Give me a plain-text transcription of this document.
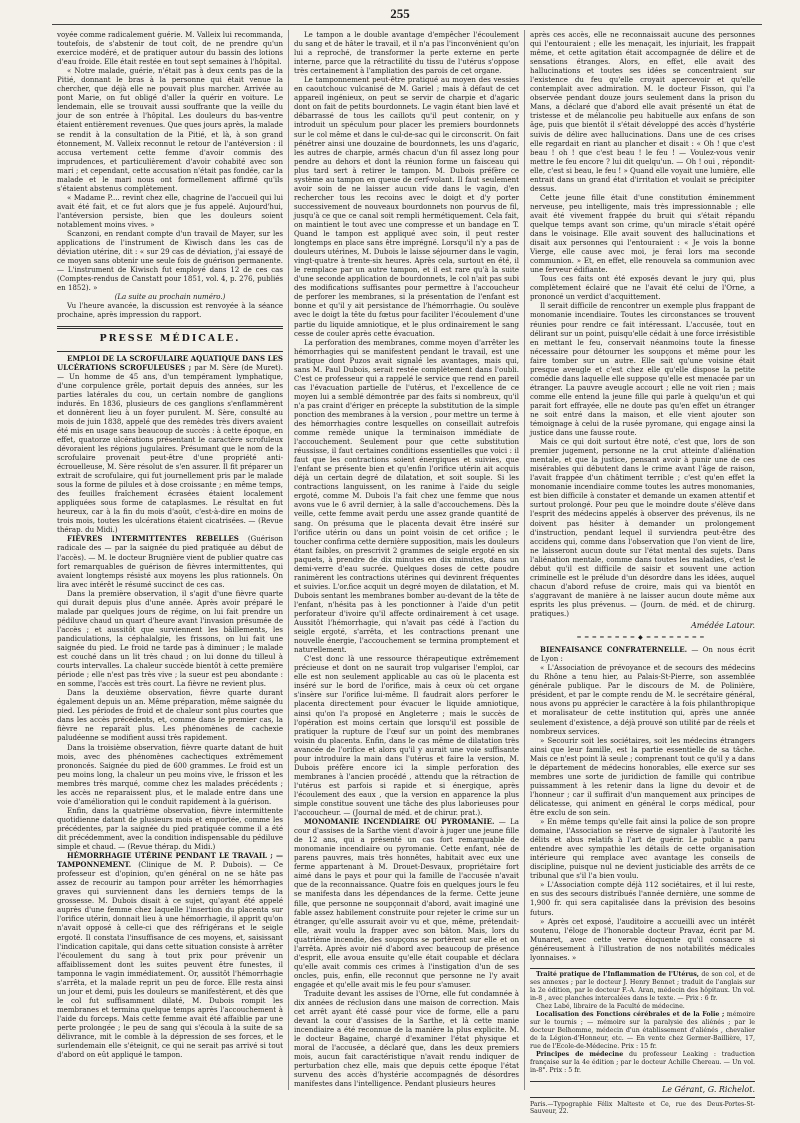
255

voyée comme radicalement guérie. M. Valleix lui recommanda, toutefois, de s'abstenir de tout coït, de ne prendre qu'un exercice modéré, et de pratiquer autour du bassin des lotions d'eau froide. Elle était restée en tout sept semaines à l'hôpital.

« Notre malade, guérie, n'était pas à deux cents pas de la Pitié, donnant le bras à la personne qui était venue la chercher, que déjà elle ne pouvait plus marcher. Arrivée au pont Marie, on fut obligé d'aller la quérir en voiture. Le lendemain, elle se trouvait aussi souffrante que la veille du jour de son entrée à l'hôpital. Les douleurs du bas-ventre étaient entièrement revenues. Que ques jours après, la malade se rendit à la consultation de la Pitié, et là, à son grand étonnement, M. Valleix reconnut le retour de l'antéversion : il accusa vertement cette femme d'avoir commis des imprudences, et particulièrement d'avoir cohabité avec son mari ; et cependant, cette accusation n'était pas fondée, car la malade et le mari nous ont formellement affirmé qu'ils s'étaient abstenus complètement.

« Madame P.... revint chez elle, chagrine de l'accueil qui lui avait été fait, et ce fut alors que je fus appelé. Aujourd'hui, l'antéversion persiste, bien que les douleurs soient notablement moins vives. »

Scanzoni, en rendant compte d'un travail de Mayer, sur les applications de l'instrument de Kiwisch dans les cas de déviation utérine, dit : « sur 29 cas de déviation, j'ai essayé de ce moyen sans obtenir une seule fois de guérison permanente. — L'instrument de Kiwisch fut employé dans 12 de ces cas (Comptes-rendus de Canstatt pour 1851, vol. 4, p. 276, publiés en 1852). »

(La suite au prochain numéro.)

Vu l'heure avancée, la discussion est renvoyée à la séance prochaine, après impression du rapport.

PRESSE MÉDICALE.

EMPLOI DE LA SCROFULAIRE AQUATIQUE DANS LES ULCÉRATIONS SCROFULEUSES ; par M. Sère (de Muret). — Un homme de 45 ans, d'un tempérament lymphatique, d'une corpulence grêle, portait depuis des années, sur les parties latérales du cou, un certain nombre de ganglions indurés. En 1836, plusieurs de ces ganglions s'enflammèrent et donnèrent lieu à un foyer purulent. M. Sère, consulté au mois de juin 1838, appelé que des remèdes très divers avaient été mis en usage sans beaucoup de succès : à cette époque, en effet, quatorze ulcérations présentant le caractère scrofuleux dévoraient les régions jugulaires. Présumant que le nom de la scrofulaire provenait peut-être d'une propriété anti-écrouelleuse, M. Sère résolut de s'en assurer. Il fit préparer un extrait de scrofulaire, qui fut journellement pris par le malade sous la forme de pilules et à dose croissante ; en même temps, des feuilles fraîchement écrasées étaient localement appliquées sous forme de cataplasmes. Le résultat en fut heureux, car à la fin du mois d'août, c'est-à-dire en moins de trois mois, toutes les ulcérations étaient cicatrisées. — (Revue thérap. du Midi.)

FIÈVRES INTERMITTENTES REBELLES (Guérison radicale des — par la saignée du pied pratiquée au début de l'accès). — M. le docteur Brugnière vient de publier quatre cas fort remarquables de guérison de fièvres intermittentes, qui avaient longtemps résisté aux moyens les plus rationnels. On lira avec intérêt le résumé succinct de ces cas.

Dans la première observation, il s'agit d'une fièvre quarte qui durait depuis plus d'une année. Après avoir préparé le malade par quelques jours de régime, on lui fait prendre un pédiluve chaud un quart d'heure avant l'invasion présumée de l'accès ; et aussitôt que surviennent les bâillements, les pandiculations, la céphalalgie, les frissons, on lui fait une saignée du pied. Le froid ne tarde pas à diminuer ; le malade est couché dans un lit très chaud ; on lui donne du tilleul à courts intervalles. La chaleur succède bientôt à cette première période ; elle n'est pas très vive ; la sueur est peu abondante : en somme, l'accès est très court. La fièvre ne revient plus.

Dans la deuxième observation, fièvre quarte durant également depuis un an. Même préparation, même saignée du pied. Les périodes de froid et de chaleur sont plus courtes que dans les accès précédents, et, comme dans le premier cas, la fièvre ne reparaît plus. Les phénomènes de cachexie paludéenne se modifient aussi très rapidement.

Dans la troisième observation, fièvre quarte datant de huit mois, avec des phénomènes cachectiques extrêmement prononcés. Saignée du pied de 600 grammes. Le froid est un peu moins long, la chaleur un peu moins vive, le frisson et les membres très marqué, comme chez les malades précédents ; les accès ne reparaissent plus, et le malade entre dans une voie d'amélioration qui le conduit rapidement à la guérison.

Enfin, dans la quatrième observation, fièvre intermittente quotidienne datant de plusieurs mois et emportée, comme les précédentes, par la saignée du pied pratiquée comme il a été dit précédemment, avec la condition indispensable du pédiluve simple et chaud. — (Revue thérap. du Midi.)

HÉMORRHAGIE UTÉRINE PENDANT LE TRAVAIL ; — TAMPONNEMENT. (Clinique de M. P. Dubois). — Ce professeur est d'opinion, qu'en général on ne se hâte pas assez de recourir au tampon pour arrêter les hémorrhagies graves qui surviennent dans les derniers temps de la grossesse. M. Dubois disait à ce sujet, qu'ayant été appelé auprès d'une femme chez laquelle l'insertion du placenta sur l'orifice utérin, donnait lieu à une hémorrhagie, il apprit qu'on n'avait opposé à celle-ci que des réfrigérans et le seigle ergoté. Il constata l'insuffisance de ces moyens, et, saisissant l'indication capitale, qui dans cette situation consiste à arrêter l'écoulement du sang à tout prix pour prévenir un affaiblissement dont les suites peuvent être funestes, il tamponna le vagin immédiatement. Or, aussitôt l'hémorrhagie s'arrêta, et la malade reprit un peu de force. Elle resta ainsi un jour et demi, puis les douleurs se manifestèrent, et dès que le col fut suffisamment dilaté, M. Dubois rompit les membranes et termina quelque temps après l'accouchement à l'aide du forceps. Mais cette femme avait été affaiblie par une perte prolongée ; le peu de sang qui s'écoula à la suite de sa délivrance, mit le comble à la dépression de ses forces, et le surlendemain elle s'éteignit, ce qui ne serait pas arrivé si tout d'abord on eût appliqué le tampon.

Le tampon a le double avantage d'empêcher l'écoulement du sang et de hâter le travail, et il n'a pas l'inconvénient qu'on lui a reproché, de transformer la perte externe en perte interne, parce que la rétractilité du tissu de l'utérus s'oppose très certainement à l'ampliation des parois de cet organe.

Le tamponnement peut-être pratiqué au moyen des vessies en caoutchouc vulcanisé de M. Gariel ; mais à défaut de cet appareil ingénieux, on peut se servir de charpie et d'agaric dont on fait de petits bourdonnets. Le vagin étant bien lavé et débarrassé de tous les caillots qu'il peut contenir, on y introduit un spéculum pour placer les premiers bourdonnets sur le col même et dans le cul-de-sac qui le circonscrit. On fait pénétrer ainsi une douzaine de bourdonnets, les uns d'agaric, les autres de charpie, armés chacun d'un fil assez long pour pendre au dehors et dont la réunion forme un faisceau qui plus tard sert à retirer le tampon. M. Dubois préfère ce système au tampon en queue de cerf-volant. Il faut seulement avoir soin de ne laisser aucun vide dans le vagin, d'en rechercher tous les recoins avec le doigt et d'y porter successivement de nouveaux bourdonnets non pourvus de fil, jusqu'à ce que ce canal soit rempli hermétiquement. Cela fait, on maintient le tout avec une compresse et un bandage en T. Quand le tampon est appliqué avec soin, il peut rester longtemps en place sans être imprégné. Lorsqu'il n'y a pas de douleurs utérines, M. Dubois le laisse séjourner dans le vagin, vingt-quatre à trente-six heures. Après cela, surtout en été, il le remplace par un autre tampon, et il est rare qu'à la suite d'une seconde application de bourdonnets, le col n'ait pas subi des modifications suffisantes pour permettre à l'accoucheur de perforer les membranes, si la présentation de l'enfant est bonne et qu'il y ait persistance de l'hémorrhagie. Ou soulève avec le doigt la tête du fœtus pour faciliter l'écoulement d'une partie du liquide amniotique, et le plus ordinairement le sang cesse de couler après cette évacuation.

La perforation des membranes, comme moyen d'arrêter les hémorrhagies qui se manifestent pendant le travail, est une pratique dont Puzos avait signalé les avantages, mais qui, sans M. Paul Dubois, serait restée complètement dans l'oubli. C'est ce professeur qui a rappelé le service que rend en pareil cas l'évacuation partielle de l'utérus, et l'excellence de ce moyen lui a semblé démontrée par des faits si nombreux, qu'il n'a pas craint d'ériger en précepte la substitution de la simple ponction des membranes à la version , pour mettre un terme à des hémorrhagies contre lesquelles on conseillait autrefois comme remède unique la terminaison immédiate de l'accouchement. Seulement pour que cette substitution réussisse, il faut certaines conditions essentielles que voici : il faut que les contractions soient énergiques et suivies, que l'enfant se présente bien et qu'enfin l'orifice utérin ait acquis déjà un certain degré de dilatation, et soit souple. Si les contractions languissent, on les ranime à l'aide du seigle ergoté, comme M. Dubois l'a fait chez une femme que nous avons vue le 6 avril dernier, à la salle d'accouchemens. Dès la veille, cette femme avait perdu une assez grande quantité de sang. On présuma que le placenta devait être inséré sur l'orifice utérin ou dans un point voisin de cet orifice ; le toucher confirma cette dernière supposition, mais les douleurs étant faibles, on prescrivit 2 grammes de seigle ergoté en six paquets, à prendre de dix minutes en dix minutes, dans un demi-verre d'eau sucrée. Quelques doses de cette poudre ranimèrent les contractions utérines qui devinrent fréquentes et suivies. L'or.fice acquit un degré moyen de dilatation, et M. Dubois sentant les membranes bomber au-devant de la tête de l'enfant, n'hésita pas à les ponctionner à l'aide d'un petit perforateur d'ivoire qu'il affecte ordinairement à cet usage. Aussitôt l'hémorrhagie, qui n'avait pas cédé à l'action du seigle ergoté, s'arrêta, et les contractions prenant une nouvelle énergie, l'accouchement se termina promptement et naturellement.

C'est donc là une ressource thérapeutique extrêmement précieuse et dont on ne saurait trop vulgariser l'emploi, car elle est non seulement applicable au cas où le placenta est inséré sur le bord de l'orifice, mais à ceux où cet organe s'insère sur l'orifice lui-même. Il faudrait alors perforer le placenta directement pour évacuer le liquide amniotique, ainsi qu'on l'a proposé en Angleterre ; mais le succès de l'opération est moins certain que lorsqu'il est possible de pratiquer la rupture de l'œuf sur un point des membranes voisin du placenta. Enfin, dans le cas même de dilatation très avancée de l'orifice et alors qu'il y aurait une voie suffisante pour introduire la main dans l'utérus et faire la version, M. Dubois préfère encore ici la simple perforation des membranes à l'ancien procédé , attendu que la rétraction de l'utérus est parfois si rapide et si énergique, après l'écoulement des eaux , que la version en apparence la plus simple constitue souvent une tâche des plus laborieuses pour l'accoucheur. — (Journal de méd. et de chirur. prat.).

MONOMANIE INCENDIAIRE OU PYROMANIE. — La cour d'assises de la Sarthe vient d'avoir à juger une jeune fille de 12 ans, qui a présenté un cas fort remarquable de monomanie incendiaire ou pyromanie. Cette enfant, née de parens pauvres, mais très honnêtes, habitait avec eux une ferme appartenant à M. Drouet-Desvaux, propriétaire fort aimé dans le pays et pour qui la famille de l'accusée n'avait que de la reconnaissance. Quatre fois en quelques jours le feu se manifesta dans les dépendances de la ferme. Cette jeune fille, que personne ne soupçonnait d'abord, avait imaginé une fable assez habilement construite pour rejeter le crime sur un étranger, qu'elle assurait avoir vu et que, même, prétendait-elle, avait voulu la frapper avec son bâton. Mais, lors du quatrième incendie, des soupçons se portèrent sur elle et on l'arrêta. Après avoir nié d'abord avec beaucoup de présence d'esprit, elle avoua ensuite qu'elle était coupable et déclara qu'elle avait commis ces crimes à l'instigation d'un de ses oncles, puis, enfin, elle reconnut que personne ne l'y avait engagée et qu'elle avait mis le feu pour s'amuser.

Traduite devant les assises de l'Orne, elle fut condamnée à dix années de réclusion dans une maison de correction. Mais cet arrêt ayant été cassé pour vice de forme, elle a paru devant la cour d'assises de la Sarthe, et là cette manie incendiaire a été reconnue de la manière la plus explicite. M. le docteur Bagaine, chargé d'examiner l'état physique et moral de l'accusée, a déclaré que, dans les deux premiers mois, aucun fait caractéristique n'avait rendu indiquer de perturbation chez elle, mais que depuis cette époque l'état survenu des accès d'hystérie accompagnés de désordres manifestes dans l'intelligence. Pendant plusieurs heures

après ces accès, elle ne reconnaissait aucune des personnes qui l'entouraient ; elle les menaçait, les injuriait, les frappait même, et cette agitation était accompagnée de délire et de sensations étranges. Alors, en effet, elle avait des hallucinations et toutes ses idées se concentraient sur l'existence du feu qu'elle croyait apercevoir et qu'elle contemplait avec admiration. M. le docteur Fisson, qui l'a observée pendant douze jours seulement dans la prison du Mans, a déclaré que d'abord elle avait présenté un état de tristesse et de mélancolie peu habituelle aux enfans de son âge, puis que bientôt il s'était développé des accès d'hystérie suivis de délire avec hallucinations. Dans une de ces crises elle regardait en riant au plancher et disait : « Oh ! que c'est beau ! oh ! que c'est beau ! le feu ! — Voulez-vous venir mettre le feu encore ? lui dit quelqu'un. — Oh ! oui , répondit-elle, c'est si beau, le feu ! » Quand elle voyait une lumière, elle entrait dans un grand état d'irritation et voulait se précipiter dessus.

Cette jeune fille était d'une constitution éminemment nerveuse, peu intelligente, mais très impressionnable ; elle avait été vivement frappée du bruit qui s'était répandu quelque temps avant son crime, qu'un miracle s'était opéré dans le voisinage. Elle avait souvent des hallucinations et disait aux personnes qui l'entouraient : « Je vois la bonne Vierge, elle cause avec moi, je ferai lors ma seconde communion. » Et, en effet, elle renouvela sa communion avec une ferveur édifiante.

Tous ces faits ont été exposés devant le jury qui, plus complètement éclairé que ne l'avait été celui de l'Orne, a prononcé un verdict d'acquittement.

Il serait difficile de rencontrer un exemple plus frappant de monomanie incendiaire. Toutes les circonstances se trouvent réunies pour rendre ce fait intéressant. L'accusée, tout en délirant sur un point, puisqu'elle cédait à une force irrésistible en mettant le feu, conservait néanmoins toute la finesse nécessaire pour détourner les soupçons et même pour les faire tomber sur un autre. Elle sait qu'une voisine était presque aveugle et c'est chez elle qu'elle dispose la petite comédie dans laquelle elle suppose qu'elle est menacée par un étranger. La pauvre aveugle accourt ; elle ne voit rien ; mais comme elle entend la jeune fille qui parle à quelqu'un et qui parait fort effrayée, elle ne doute pas qu'en effet un étranger ne soit entré dans la maison, et elle vient ajouter son témoignage à celui de la rusée pyromane, qui engage ainsi la justice dans une fausse route.

Mais ce qui doit surtout être noté, c'est que, lors de son premier jugement, personne ne la crut atteinte d'aliénation mentale, et que la justice, pensant avoir à punir une de ces misérables qui débutent dans le crime avant l'âge de raison, l'avait frappée d'un châtiment terrible ; c'est qu'en effet la monomanie incendiaire comme toutes les autres monomanies, est bien difficile à constater et demande un examen attentif et surtout prolongé. Pour peu que le moindre doute s'élève dans l'esprit des médecins appelés à observer des prévenus, ils ne doivent pas hésiter à demander un prolongement d'instruction, pendant lequel il surviendra peut-être des accidens qui, comme dans l'observation que l'on vient de lire, ne laisseront aucun doute sur l'état mental des sujets. Dans l'aliénation mentale, comme dans toutes les maladies, c'est le début qu'il est difficile de saisir et souvent une action criminelle est le prélude d'un désordre dans les idées, auquel chacun d'abord refuse de croire, mais qui va bientôt en s'aggravant de manière à ne laisser aucun doute même aux esprits les plus prévenus. — (Journ. de méd. et de chirurg. pratiques.)

Amédée Latour.
━━━━━━━━◆━━━━━━━━

BIENFAISANCE CONFRATERNELLE. — On nous écrit de Lyon :

« L'Association de prévoyance et de secours des médecins du Rhône a tenu hier, au Palais-St-Pierre, son assemblée générale publique. Par le discours de M. de Polinière, président, et par le compte rendu de M. le secrétaire général, nous avons pu apprécier le caractère à la fois philanthropique et moralisateur de cette institution qui, après une année seulement d'existence, a déjà prouvé son utilité par de réels et nombreux services.

» Secourir soit les sociétaires, soit les médecins étrangers ainsi que leur famille, est la partie essentielle de sa tâche. Mais ce n'est point là seule ; comprenant tout ce qu'il y a dans le département de médecins honorables, elle exerce sur ses membres une sorte de juridiction de famille qui contribue puissamment à les retenir dans la ligne du devoir et de l'honneur ; car il suffirait d'un manquement aux principes de délicatesse, qui animent en général le corps médical, pour être exclu de son sein.

» En même temps qu'elle fait ainsi la police de son propre domaine, l'Association se réserve de signaler à l'autorité les délits et abus relatifs à l'art de guérir. Le public a paru entendre avec sympathie les détails de cette organisation intérieure qui remplace avec avantage les conseils de discipline, puisque nul ne devient justiciable des arrêts de ce tribunal que s'il l'a bien voulu.

» L'Association compte déjà 112 sociétaires, et il lui reste, en sus des secours distribués l'année dernière, une somme de 1,900 fr. qui sera capitalisée dans la prévision des besoins futurs.

» Après cet exposé, l'auditoire a accueilli avec un intérêt soutenu, l'éloge de l'honorable docteur Pravaz, écrit par M. Munaret, avec cette verve éloquente qu'il consacre si généreusement à l'illustration de nos notabilités médicales lyonnaises. »

Traité pratique de l'Inflammation de l'Utérus, de son col, et de ses annexes ; par le docteur J. Henry Bennet ; traduit de l'anglais sur la 2e édition, par le docteur F.-A. Aran, médecin des hôpitaux. Un vol. in-8 , avec planches intercalées dans le texte. — Prix : 6 fr.

Chez Labé, libraire de la Faculté de médecine.

Localisation des Fonctions cérébrales et de la Folie ; mémoire sur le tournis ; — mémoire sur la paralysie des aliénés ; par le docteur Belhomme, médecin d'un établissement d'aliénés , chevalier de la Légion-d'Honneur, etc. — En vente chez Germer-Baillière, 17, rue de l'Ecole-de-Médecine. Prix : 15 fr.

Principes de médecine du professeur Leaking : traduction française sur la 4e édition ; par le docteur Achille Chereau. — Un vol. in-8°. Prix : 5 fr.

Le Gérant, G. Richelot.
Paris.—Typographie Félix Malteste et Ce, rue des Deux-Portes-St-Sauveur, 22.
